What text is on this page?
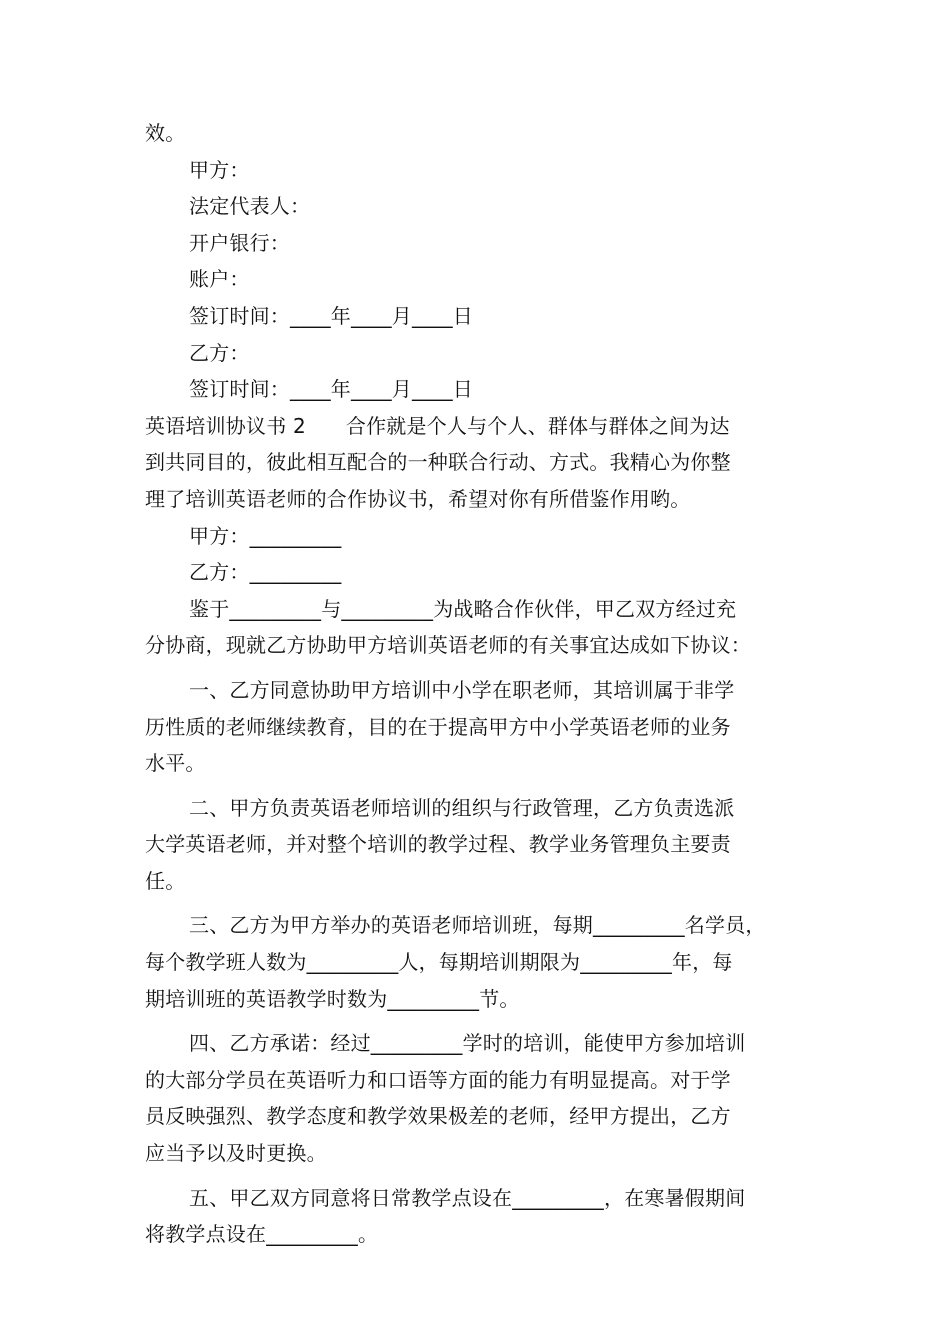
效。
甲方：
法定代表人：
开户银行：
账户：
签订时间：____年____月____日
乙方：
签订时间：____年____月____日
英语培训协议书 2 合作就是个人与个人、群体与群体之间为达
到共同目的，彼此相互配合的一种联合行动、方式。我精心为你整
理了培训英语老师的合作协议书，希望对你有所借鉴作用哟。
甲方：_________
乙方：_________
鉴于_________与_________为战略合作伙伴，甲乙双方经过充
分协商，现就乙方协助甲方培训英语老师的有关事宜达成如下协议：
一、乙方同意协助甲方培训中小学在职老师，其培训属于非学
历性质的老师继续教育，目的在于提高甲方中小学英语老师的业务
水平。
二、甲方负责英语老师培训的组织与行政管理，乙方负责选派
大学英语老师，并对整个培训的教学过程、教学业务管理负主要责
任。
三、乙方为甲方举办的英语老师培训班，每期_________名学员，
每个教学班人数为_________人，每期培训期限为_________年，每
期培训班的英语教学时数为_________节。
四、乙方承诺：经过_________学时的培训，能使甲方参加培训
的大部分学员在英语听力和口语等方面的能力有明显提高。对于学
员反映强烈、教学态度和教学效果极差的老师，经甲方提出，乙方
应当予以及时更换。
五、甲乙双方同意将日常教学点设在_________，在寒暑假期间
将教学点设在_________。
